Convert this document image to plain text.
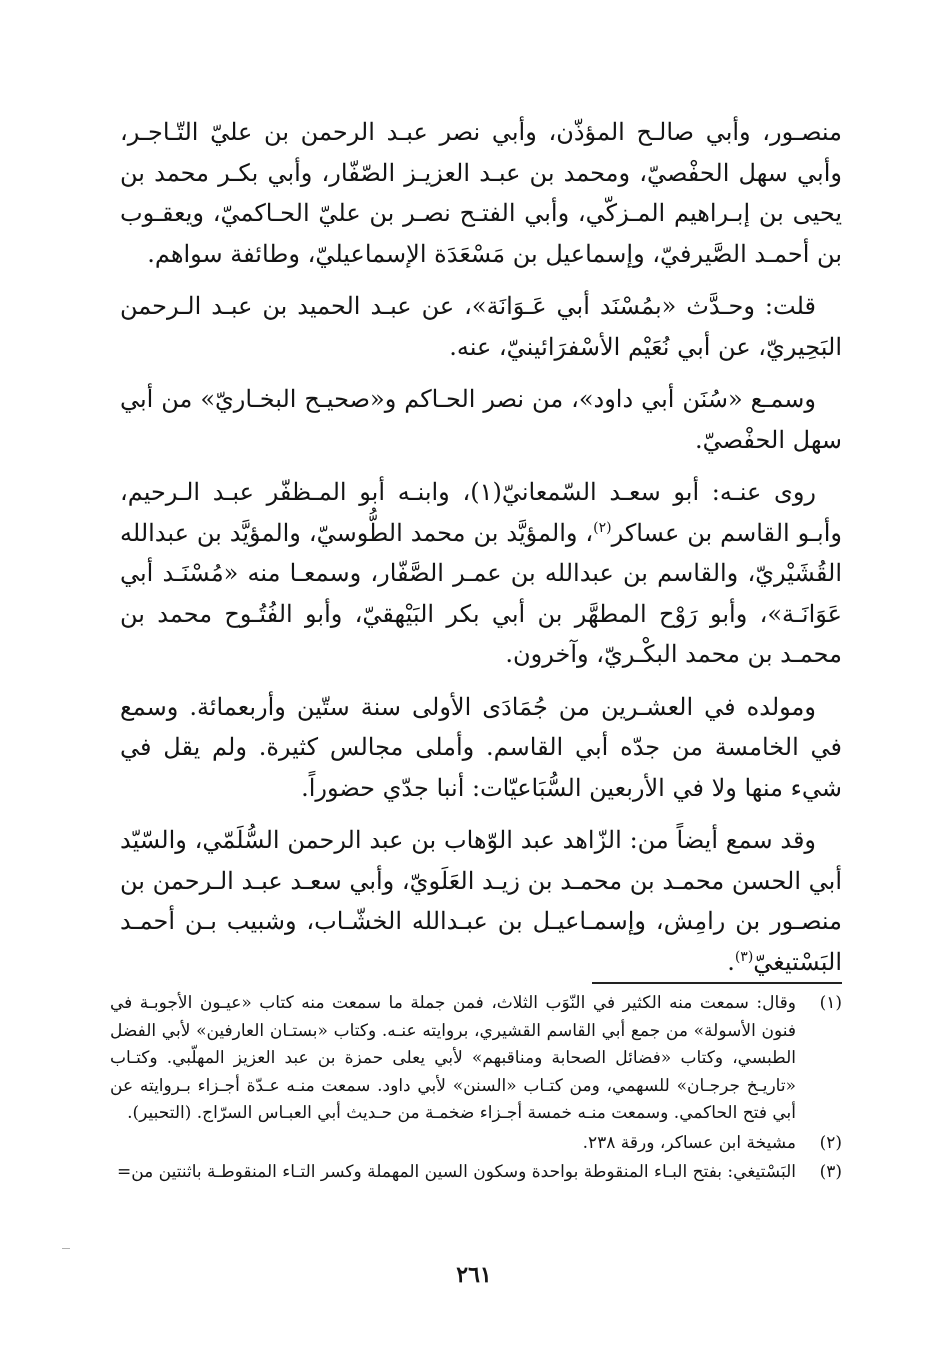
منصـور، وأبي صالـح المؤذّن، وأبي نصر عبـد الرحمن بن عليّ التّـاجـر، وأبي سهل الحفْصيّ، ومحمد بن عبـد العزيـز الصّفّار، وأبي بكـر محمد بن يحيى بن إبـراهيم المـزكّي، وأبي الفتـح نصـر بن عليّ الحـاكميّ، ويعقـوب بن أحمـد الصَّيرفيّ، وإسماعيل بن مَسْعَدَة الإسماعيليّ، وطائفة سواهم.

قلت: وحـدَّث «بمُسْنَد أبي عَـوَانَة»، عن عبـد الحميد بن عبـد الـرحمن البَحِيريّ، عن أبي نُعَيْم الأسْفرَائينيّ، عنه.

وسمـع «سُنَن أبي داود»، من نصر الحـاكم و«صحيـح البخـاريّ» من أبي سهل الحفْصيّ.

روى عنـه: أبو سعـد السّمعانيّ(١)، وابنـه أبو المـظفّر عبـد الـرحيم، وأبـو القاسم بن عساكر$^{(٢)}$، والمؤيَّد بن محمد الطُّوسيّ، والمؤيَّد بن عبدالله القُشَيْريّ، والقاسم بن عبدالله بن عمـر الصَّفّار، وسمعـا منه «مُسْنَـد أبي عَوَانَـة»، وأبو رَوْح المطهَّر بن أبي بكر البَيْهقيّ، وأبو الفُتُـوح محمد بن محمـد بن محمد البكْـريّ، وآخرون.

ومولده في العشـرين من جُمَادَى الأولى سنة ستّين وأربعمائة. وسمع في الخامسة من جدّه أبي القاسم. وأملى مجالس كثيرة. ولم يقل في شيء منها ولا في الأربعين السُّبَاعيّات: أنبا جدّي حضوراً.

وقد سمع أيضاً من: الزّاهد عبد الوّهاب بن عبد الرحمن السُّلَمّي، والسّيّد أبي الحسن محمـد بن محمـد بن زيـد العَلَويّ، وأبي سعـد عبـد الـرحمن بن منصـور بن رامِش، وإسمـاعيـل بن عبـدالله الخشّـاب، وشبيب بـن أحمـد البَسْتيغيّ$^{(٣)}$.

(١)
وقال: سمعت منه الكثير في النّوَب الثلاث، فمن جملة ما سمعت منه كتاب «عيـون الأجوبـة في فنون الأسولة» من جمع أبي القاسم القشيري، بروايته عنـه. وكتاب «بستـان العارفين» لأبي الفضل الطبسي، وكتاب «فضائل الصحابة ومناقبهم» لأبي يعلى حمزة بن عبد العزيز المهلّبي. وكتـاب «تاريـخ جرجـان» للسهمي، ومن كتـاب «السنن» لأبي داود. سمعت منـه عـدّة أجـزاء بـروايته عن أبي فتح الحاكمي. وسمعت منـه خمسة أجـزاء ضخمـة من حـديث أبي العبـاس السرّاج. (التحبير).
(٢)
مشيخة ابن عساكر، ورقة ٢٣٨.
(٣)
البَسْتيغي: بفتح البـاء المنقوطة بواحدة وسكون السين المهملة وكسر التـاء المنقوطـة باثنتين من=
٢٦١
